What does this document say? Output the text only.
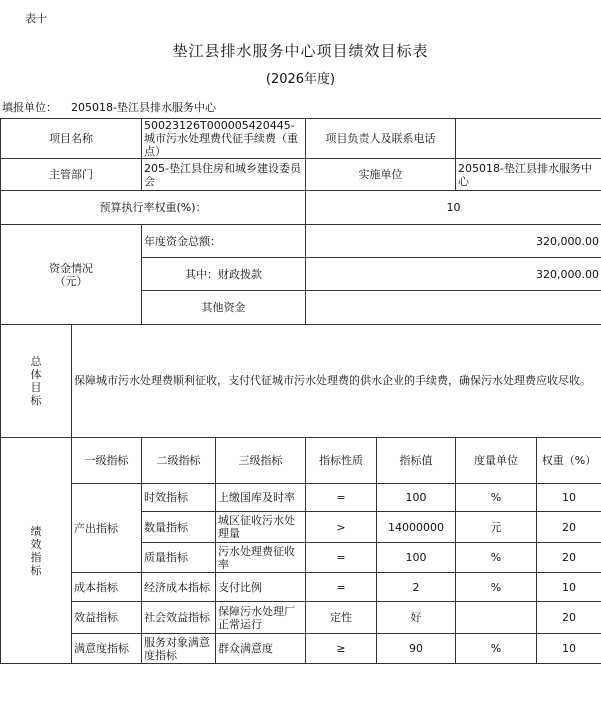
表十
垫江县排水服务中心项目绩效目标表
(2026年度)
填报单位： 205018-垫江县排水服务中心
项目名称		50023126T000005420445-城市污水处理费代征手续费（重点）		项目负责人及联系电话			
主管部门		205-垫江县住房和城乡建设委员会		实施单位		205018-垫江县排水服务中心	
预算执行率权重(%)：				10			

资金情况
（元）		年度资金总额：		320,000.00			
		其中：财政拨款		320,000.00			
		其他资金					

总
体
目
标	保障城市污水处理费顺利征收，支付代征城市污水处理费的供水企业的手续费，确保污水处理费应收尽收。						

绩
效
指
标	一级指标	二级指标	三级指标	指标性质	指标值	度量单位	权重（%）
	产出指标	时效指标	上缴国库及时率	=	100	%	10
		数量指标	城区征收污水处理量	>	14000000	元	20
		质量指标	污水处理费征收率	=	100	%	20
	成本指标	经济成本指标	支付比例	=	2	%	10
	效益指标	社会效益指标	保障污水处理厂正常运行	定性	好		20
	满意度指标	服务对象满意度指标	群众满意度	≥	90	%	10
